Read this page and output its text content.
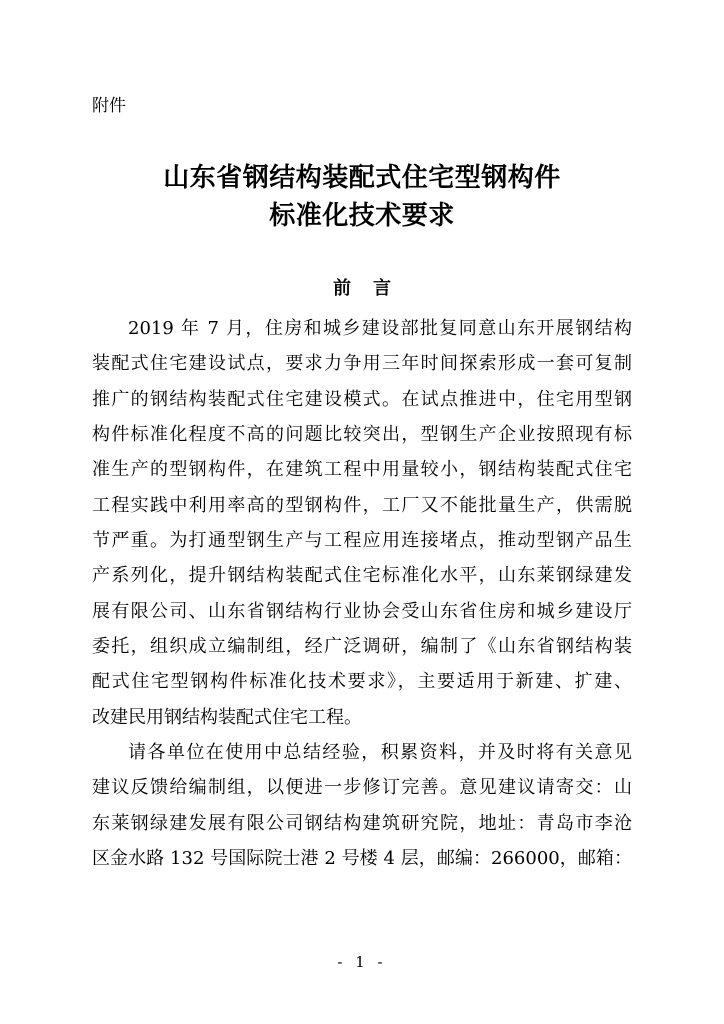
附件

山东省钢结构装配式住宅型钢构件
标准化技术要求
前言

2019 年 7 月，住房和城乡建设部批复同意山东开展钢结构

装配式住宅建设试点，要求力争用三年时间探索形成一套可复制

推广的钢结构装配式住宅建设模式。在试点推进中，住宅用型钢

构件标准化程度不高的问题比较突出，型钢生产企业按照现有标

准生产的型钢构件，在建筑工程中用量较小，钢结构装配式住宅

工程实践中利用率高的型钢构件，工厂又不能批量生产，供需脱

节严重。为打通型钢生产与工程应用连接堵点，推动型钢产品生

产系列化，提升钢结构装配式住宅标准化水平，山东莱钢绿建发

展有限公司、山东省钢结构行业协会受山东省住房和城乡建设厅

委托，组织成立编制组，经广泛调研，编制了《山东省钢结构装

配式住宅型钢构件标准化技术要求》，主要适用于新建、扩建、

改建民用钢结构装配式住宅工程。

请各单位在使用中总结经验，积累资料，并及时将有关意见

建议反馈给编制组，以便进一步修订完善。意见建议请寄交：山

东莱钢绿建发展有限公司钢结构建筑研究院，地址：青岛市李沧

区金水路 132 号国际院士港 2 号楼 4 层，邮编：266000，邮箱：

- 1 -
